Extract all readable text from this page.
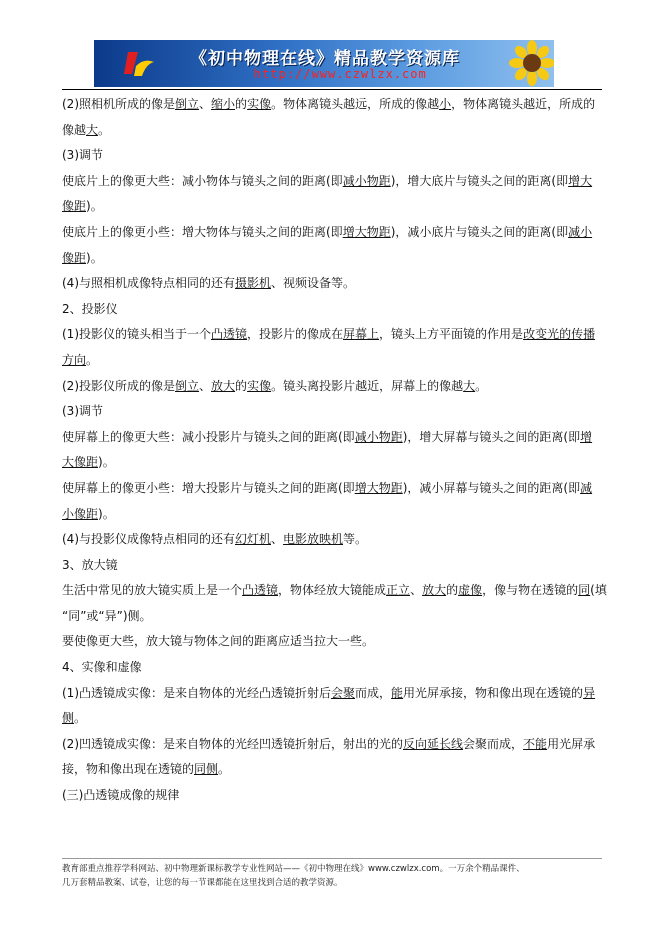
《初中物理在线》精品教学资源库
http://www.czwlzx.com
(2)照相机所成的像是倒立、缩小的实像。物体离镜头越远，所成的像越小，物体离镜头越近，所成的
像越大。
(3)调节
使底片上的像更大些：减小物体与镜头之间的距离(即减小物距)，增大底片与镜头之间的距离(即增大
像距)。
使底片上的像更小些：增大物体与镜头之间的距离(即增大物距)，减小底片与镜头之间的距离(即减小
像距)。
(4)与照相机成像特点相同的还有摄影机、视频设备等。
2、投影仪
(1)投影仪的镜头相当于一个凸透镜，投影片的像成在屏幕上，镜头上方平面镜的作用是改变光的传播
方向。
(2)投影仪所成的像是倒立、放大的实像。镜头离投影片越近，屏幕上的像越大。
(3)调节
使屏幕上的像更大些：减小投影片与镜头之间的距离(即减小物距)，增大屏幕与镜头之间的距离(即增
大像距)。
使屏幕上的像更小些：增大投影片与镜头之间的距离(即增大物距)，减小屏幕与镜头之间的距离(即减
小像距)。
(4)与投影仪成像特点相同的还有幻灯机、电影放映机等。
3、放大镜
生活中常见的放大镜实质上是一个凸透镜，物体经放大镜能成正立、放大的虚像，像与物在透镜的同(填
“同”或“异”)侧。
要使像更大些，放大镜与物体之间的距离应适当拉大一些。
4、实像和虚像
(1)凸透镜成实像：是来自物体的光经凸透镜折射后会聚而成，能用光屏承接，物和像出现在透镜的异
侧。
(2)凹透镜成实像：是来自物体的光经凹透镜折射后，射出的光的反向延长线会聚而成，不能用光屏承
接，物和像出现在透镜的同侧。
(三)凸透镜成像的规律
教育部重点推荐学科网站、初中物理新课标教学专业性网站——《初中物理在线》www.czwlzx.com。一万余个精品课件、
几万套精品教案、试卷，让您的每一节课都能在这里找到合适的教学资源。
